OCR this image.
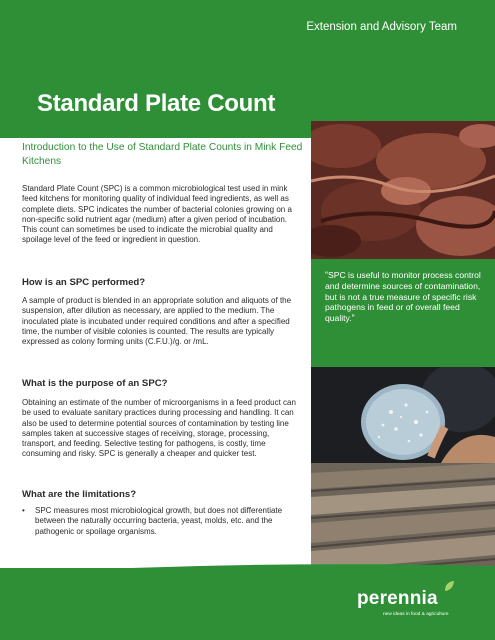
Extension and Advisory Team
Standard Plate Count
“SPC is useful to monitor process control and determine sources of contamination, but is not a true measure of specific risk pathogens in feed or of overall feed quality.”
Introduction to the Use of Standard Plate Counts in Mink Feed Kitchens
Standard Plate Count (SPC) is a common microbiological test used in mink feed kitchens for monitoring quality of individual feed ingredients, as well as complete diets. SPC indicates the number of bacterial colonies growing on a non-specific solid nutrient agar (medium) after a given period of incubation. This count can sometimes be used to indicate the microbial quality and spoilage level of the feed or ingredient in question.
How is an SPC performed?
A sample of product is blended in an appropriate solution and aliquots of the suspension, after dilution as necessary, are applied to the medium. The inoculated plate is incubated under required conditions and after a specified time, the number of visible colonies is counted. The results are typically expressed as colony forming units (C.F.U.)/g. or /mL.
What is the purpose of an SPC?
Obtaining an estimate of the number of microorganisms in a feed product can be used to evaluate sanitary practices during processing and handling. It can also be used to determine potential sources of contamination by testing line samples taken at successive stages of receiving, storage, processing, transport, and feeding. Selective testing for pathogens, is costly, time consuming and risky. SPC is generally a cheaper and quicker test.
What are the limitations?
• SPC measures most microbiological growth, but does not differentiate between the naturally occurring bacteria, yeast, molds, etc. and the pathogenic or spoilage organisms.
perennia
new ideas in food & agriculture
